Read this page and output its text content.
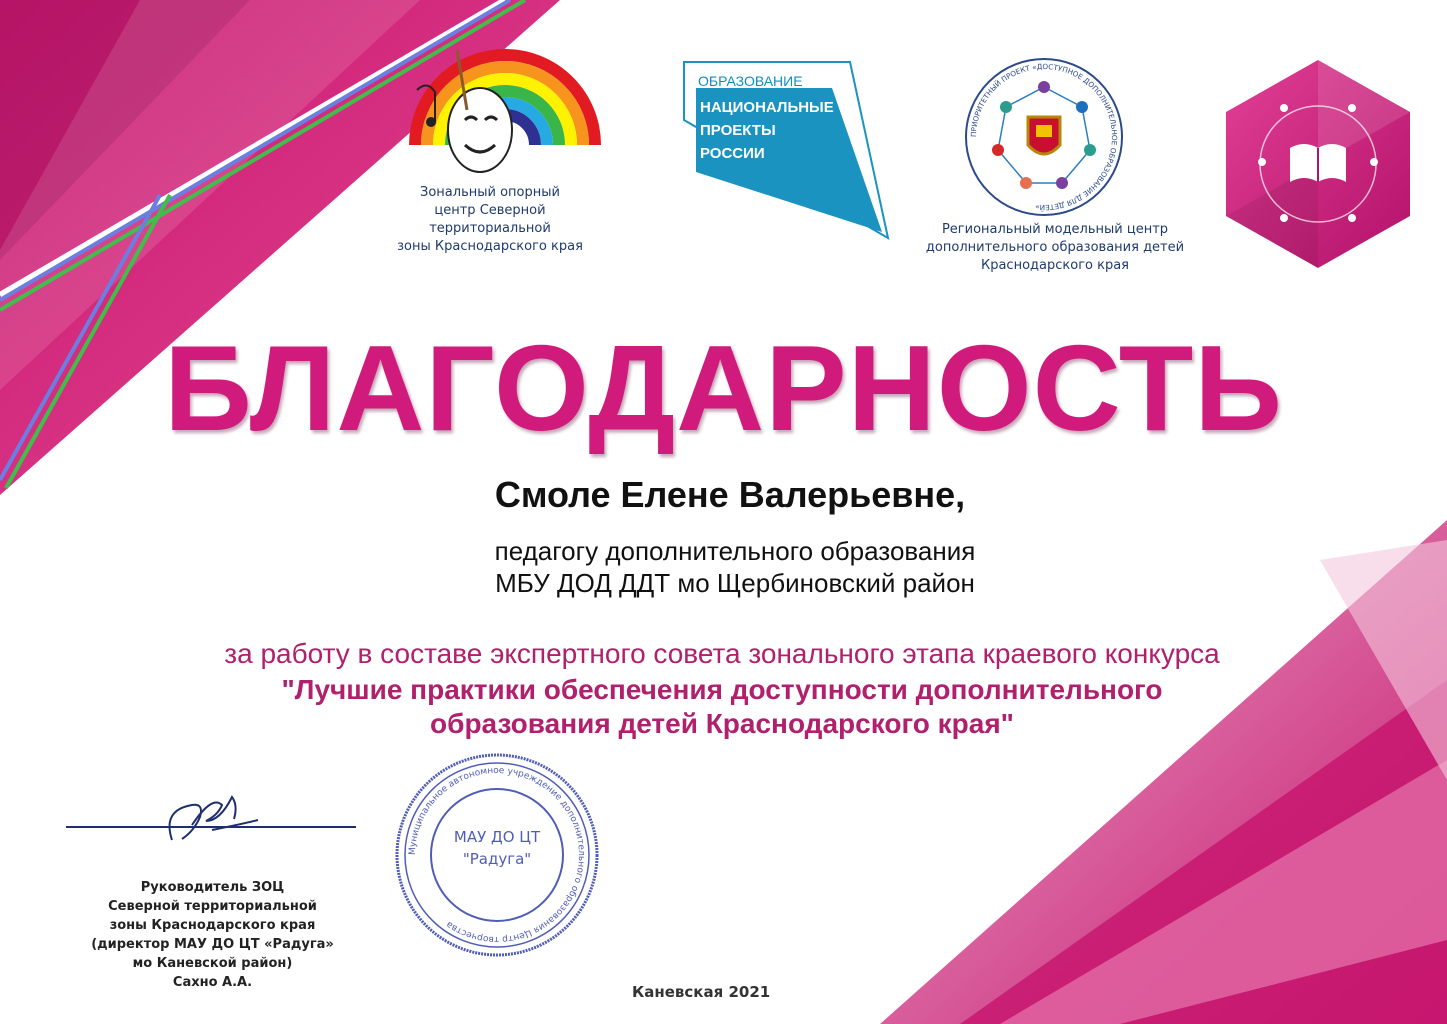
Зональный опорный
центр Северной
территориальной
зоны Краснодарского края
ОБРАЗОВАНИЕ
НАЦИОНАЛЬНЫЕ
ПРОЕКТЫ
РОССИИ
ПРИОРИТЕТНЫЙ ПРОЕКТ «ДОСТУПНОЕ ДОПОЛНИТЕЛЬНОЕ ОБРАЗОВАНИЕ ДЛЯ ДЕТЕЙ»
Региональный модельный центр
дополнительного образования детей
Краснодарского края
БЛАГОДАРНОСТЬ
Смоле Елене Валерьевне,
педагогу дополнительного образования
МБУ ДОД ДДТ мо Щербиновский район
за работу в составе экспертного совета зонального этапа краевого конкурса
"Лучшие практики обеспечения доступности дополнительного
образования детей Краснодарского края"
Руководитель ЗОЦ
Северной территориальной
зоны Краснодарского края
(директор МАУ ДО ЦТ «Радуга»
мо Каневской район)
Сахно А.А.
Муниципальное автономное учреждение дополнительного образования Центр творчества
МАУ ДО ЦТ
"Радуга"
Каневская 2021
